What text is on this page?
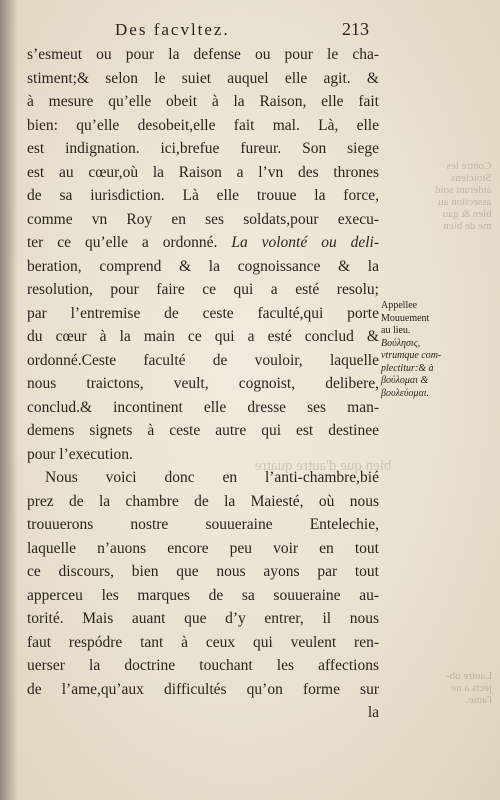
Contre les
Stoïciens
aiderant soid
assection au
bien & gau
me de bien
bien que d'autre quatre
Lautre ob-
jects a ne
l'ame.
Des facvltez.	213
s’esmeut ou pour la defense ou pour le cha-
stiment;& selon le suiet auquel elle agit. &
à mesure qu’elle obeit à la Raison, elle fait
bien: qu’elle desobeit,elle fait mal. Là, elle
est indignation. ici,brefue fureur. Son siege
est au cœur,où la Raison a l’vn des thrones
de sa iurisdiction. Là elle trouue la force,
comme vn Roy en ses soldats,pour execu-
ter ce qu’elle a ordonné. La volonté ou deli-
beration, comprend & la cognoissance & la
resolution, pour faire ce qui a esté resolu;
par l’entremise de ceste faculté,qui porte
du cœur à la main ce qui a esté conclud &
ordonné.Ceste faculté de vouloir, laquelle
nous traictons, veult, cognoist, delibere,
conclud.& incontinent elle dresse ses man-
demens signets à ceste autre qui est destinee
pour l’execution.
Nous voici donc en l’anti-chambre,bié
prez de la chambre de la Maiesté, où nous
trouuerons nostre souueraine Entelechie,
laquelle n’auons encore peu voir en tout
ce discours, bien que nous ayons par tout
apperceu les marques de sa souueraine au-
torité. Mais auant que d’y entrer, il nous
faut respódre tant à ceux qui veulent ren-
uerser la doctrine touchant les affections
de l’ame,qu’aux difficultés qu’on forme sur
la
Appellee
Mouuement
au lieu.
Βούλησις,
vtrumque com-
plectitur:& à
βούλομαι &
βουλεύομαι.
